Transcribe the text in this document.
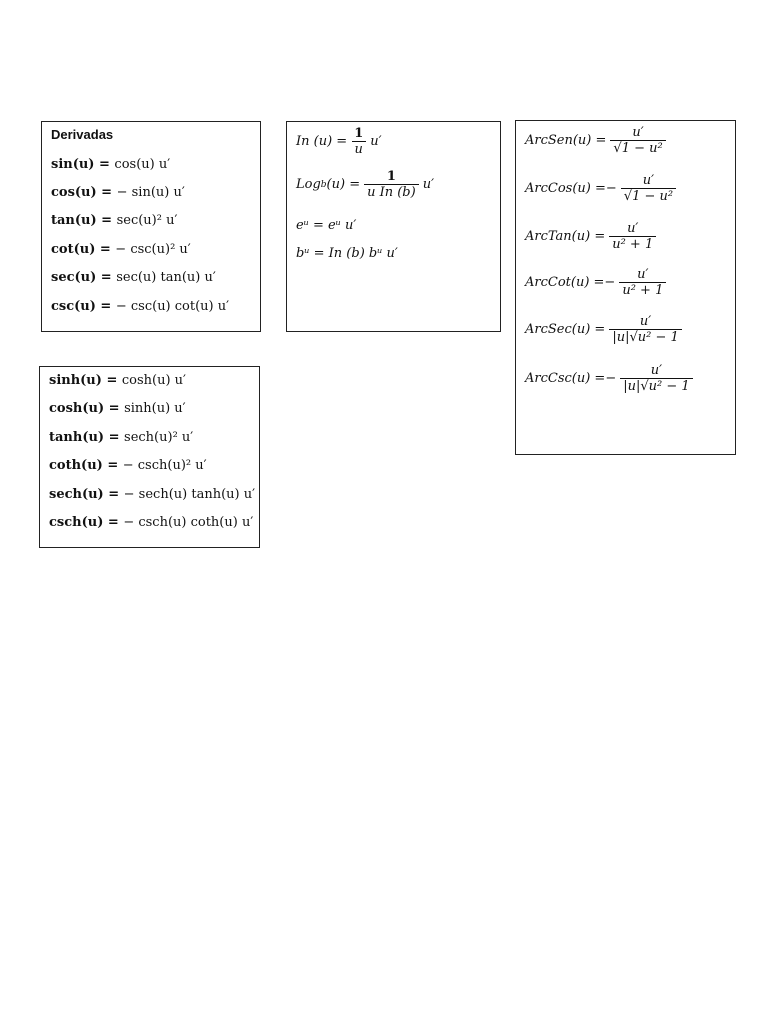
Derivadas
sin(u) = cos(u) u′
cos(u) = − sin(u) u′
tan(u) = sec(u)² u′
cot(u) = − csc(u)² u′
sec(u) = sec(u) tan(u) u′
csc(u) = − csc(u) cot(u) u′
In $(u) = \frac{1}{u} u'$
Log b $(u) = \frac{1}{\text{u In (b)}} u'$
eᵘ = eᵘ u′
bᵘ = In (b) bᵘ u′
ArcSen(u) = $\frac{u'}{\text{√1 − u²}}$
ArcCos(u) = − $\frac{u'}{\text{√1 − u²}}$
ArcTan(u) = $\frac{u'}{\text{u² + 1}}$
ArcCot(u) = − $\frac{u'}{\text{u² + 1}}$
ArcSec(u) = $\frac{u'}{\text{|u|√u² − 1}}$
ArcCsc(u) = − $\frac{u'}{\text{|u|√u² − 1}}$
sinh(u) = cosh(u) u′
cosh(u) = sinh(u) u′
tanh(u) = sech(u)² u′
coth(u) = − csch(u)² u′
sech(u) = − sech(u) tanh(u) u′
csch(u) = − csch(u) coth(u) u′
